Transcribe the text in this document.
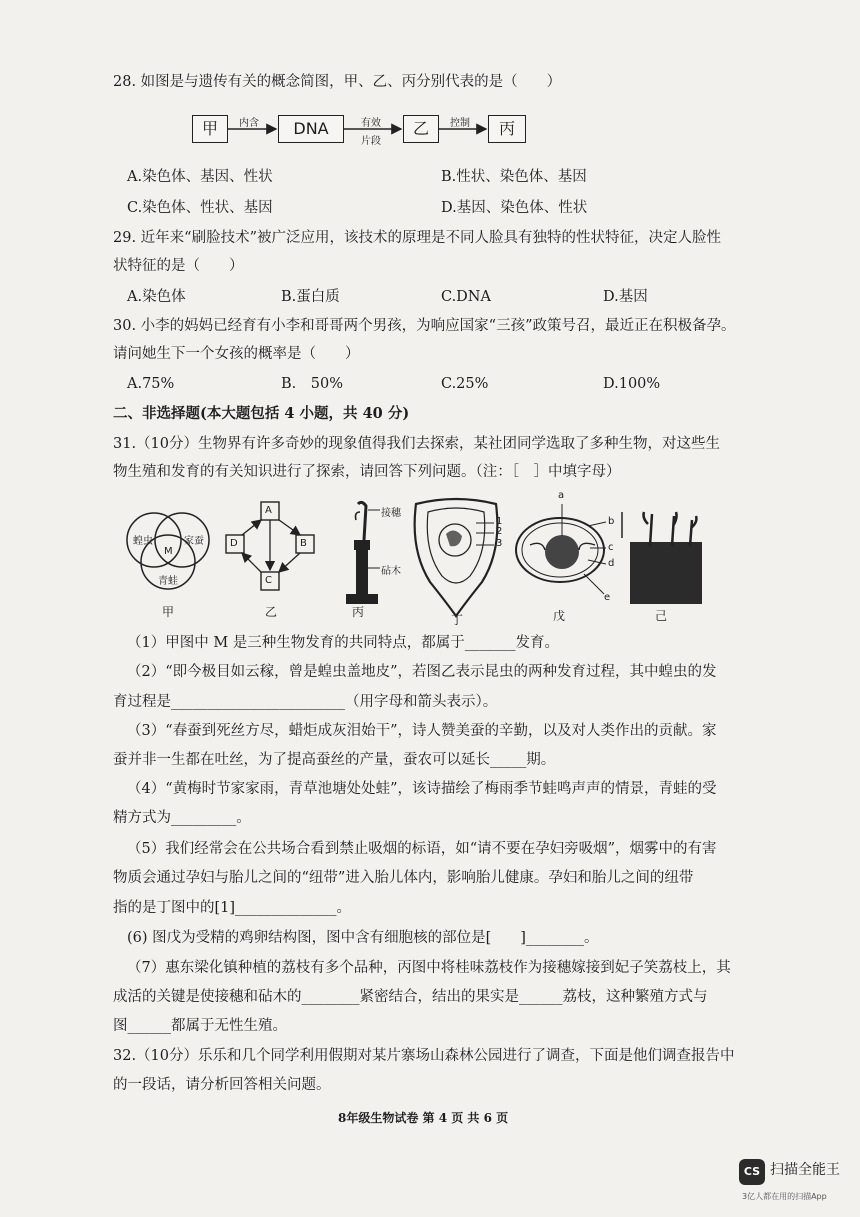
28. 如图是与遗传有关的概念简图，甲、乙、丙分别代表的是（　　）
甲	DNA	乙	丙
内含	有效
片段
控制
A.染色体、基因、性状	B.性状、染色体、基因
C.染色体、性状、基因	D.基因、染色体、性状
29. 近年来“刷脸技术”被广泛应用，该技术的原理是不同人脸具有独特的性状特征，决定人脸性
状特征的是（　　）
A.染色体	B.蛋白质	C.DNA	D.基因
30. 小李的妈妈已经育有小李和哥哥两个男孩，为响应国家“三孩”政策号召，最近正在积极备孕。
请问她生下一个女孩的概率是（　　）
A.75%	B.　50%	C.25%	D.100%
二、非选择题(本大题包括 4 小题，共 40 分)
31.（10分）生物界有许多奇妙的现象值得我们去探索，某社团同学选取了多种生物，对这些生
物生殖和发育的有关知识进行了探索，请回答下列问题。（注：［　］中填字母）
蝗虫	家蚕
M
青蛙
甲
A
B
C
D
乙
接穗
砧木
丙
1
2
3
丁
a
b
c
d
e
戊	己
（1）甲图中 M 是三种生物发育的共同特点，都属于_______发育。
（2）“即今极目如云稼，曾是蝗虫盖地皮”，若图乙表示昆虫的两种发育过程，其中蝗虫的发
育过程是________________________（用字母和箭头表示）。
（3）“春蚕到死丝方尽，蜡炬成灰泪始干”，诗人赞美蚕的辛勤，以及对人类作出的贡献。家
蚕并非一生都在吐丝，为了提高蚕丝的产量，蚕农可以延长_____期。
（4）“黄梅时节家家雨，青草池塘处处蛙”，该诗描绘了梅雨季节蛙鸣声声的情景，青蛙的受
精方式为_________。
（5）我们经常会在公共场合看到禁止吸烟的标语，如“请不要在孕妇旁吸烟”，烟雾中的有害
物质会通过孕妇与胎儿之间的“纽带”进入胎儿体内，影响胎儿健康。孕妇和胎儿之间的纽带
指的是丁图中的[1]______________。
(6) 图戊为受精的鸡卵结构图，图中含有细胞核的部位是[　　]________。
（7）惠东梁化镇种植的荔枝有多个品种，丙图中将桂味荔枝作为接穗嫁接到妃子笑荔枝上，其
成活的关键是使接穗和砧木的________紧密结合，结出的果实是______荔枝，这种繁殖方式与
图______都属于无性生殖。
32.（10分）乐乐和几个同学利用假期对某片寨场山森林公园进行了调查，下面是他们调查报告中
的一段话，请分析回答相关问题。
8年级生物试卷 第 4 页 共 6 页
CS 扫描全能王
3亿人都在用的扫描App
